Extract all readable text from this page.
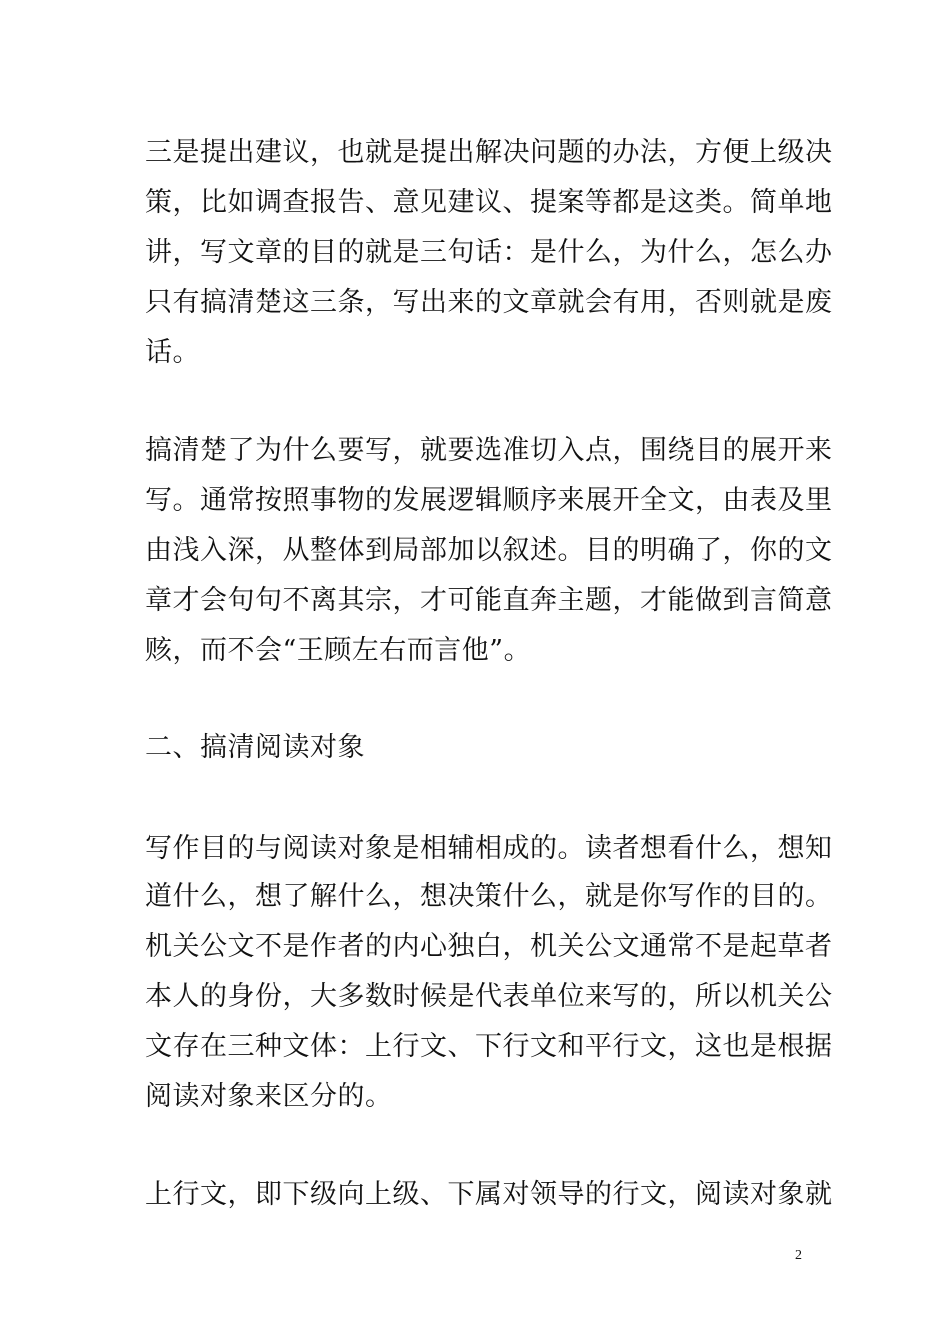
三是提出建议，也就是提出解决问题的办法，方便上级决
策，比如调查报告、意见建议、提案等都是这类。简单地
讲，写文章的目的就是三句话：是什么，为什么，怎么办
只有搞清楚这三条，写出来的文章就会有用，否则就是废
话。
搞清楚了为什么要写，就要选准切入点，围绕目的展开来
写。通常按照事物的发展逻辑顺序来展开全文，由表及里
由浅入深，从整体到局部加以叙述。目的明确了，你的文
章才会句句不离其宗，才可能直奔主题，才能做到言简意
赅，而不会“王顾左右而言他”。
二、搞清阅读对象
写作目的与阅读对象是相辅相成的。读者想看什么，想知
道什么，想了解什么，想决策什么，就是你写作的目的。
机关公文不是作者的内心独白，机关公文通常不是起草者
本人的身份，大多数时候是代表单位来写的，所以机关公
文存在三种文体：上行文、下行文和平行文，这也是根据
阅读对象来区分的。
上行文，即下级向上级、下属对领导的行文，阅读对象就
2
